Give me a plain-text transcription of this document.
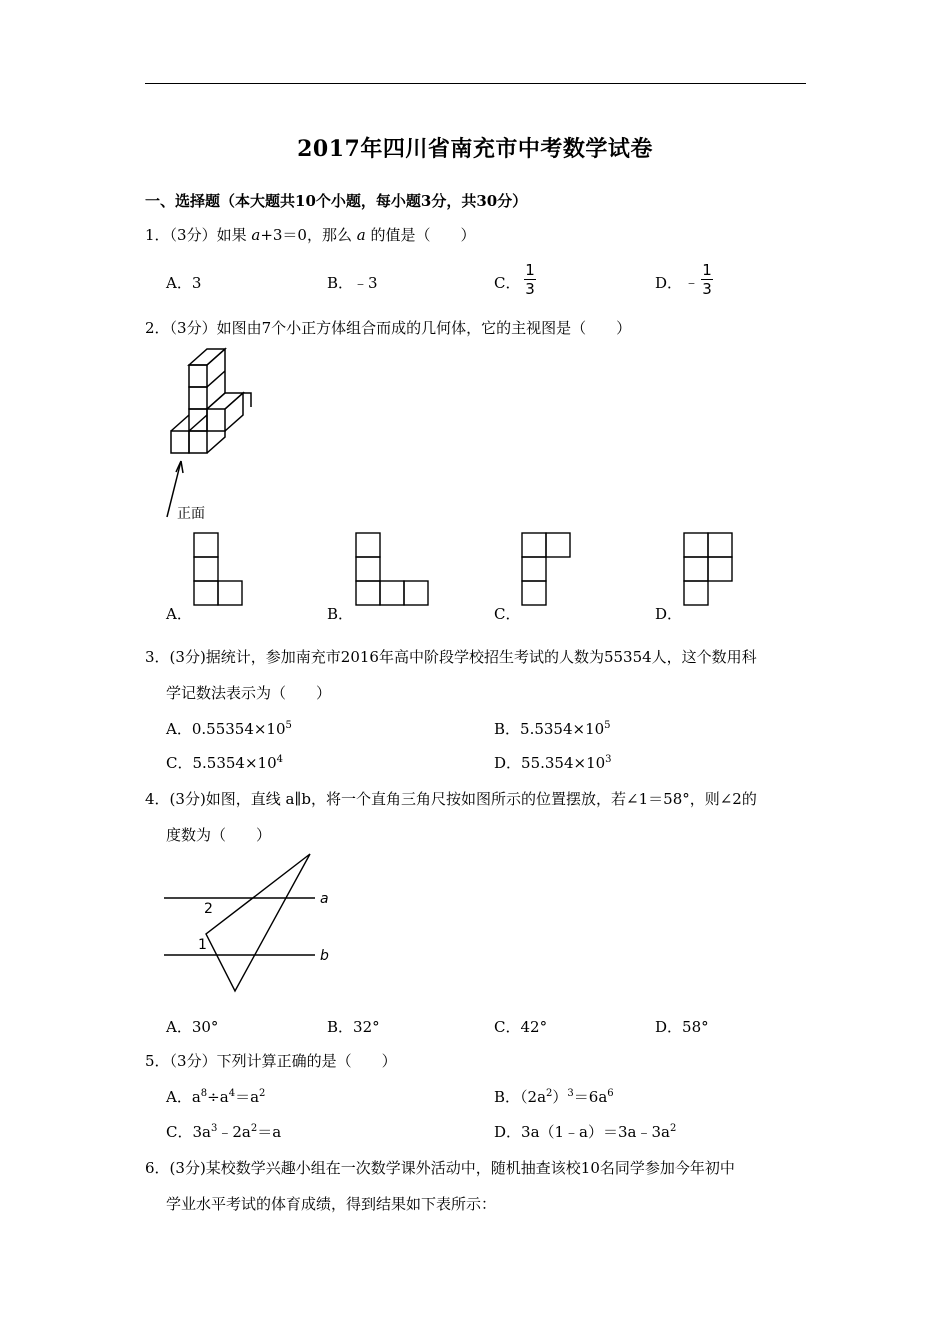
2017年四川省南充市中考数学试卷
一、选择题（本大题共10个小题，每小题3分，共30分）
1．（3分）如果 a+3＝0，那么 a 的值是（　　）
A．3	B．﹣3	C．
1
3	D． ﹣
1
3
2．（3分）如图由7个小正方体组合而成的几何体，它的主视图是（　　）
正面
A．	B．	C．	D．
3．(3分)据统计，参加南充市2016年高中阶段学校招生考试的人数为55354人，这个数用科
学记数法表示为（　　）
A．$0.55354\times 10^5$	B．$5.5354\times 10^5$
C．$5.5354\times 10^4$	D．$55.354\times 10^3$
4．(3分)如图，直线 a∥b，将一个直角三角尺按如图所示的位置摆放，若∠1＝58°，则∠2的
度数为（　　）
2
1
a
b
A．30°	B．32°	C．42°	D．58°
5．（3分）下列计算正确的是（　　）
A．$a^8\div a^4=a^2$	B．$(2a^2)^3=6a^6$
C．$3a^3﹣2a^2=a$	D．$3a(1﹣a)=3a﹣3a^2$
6．(3分)某校数学兴趣小组在一次数学课外活动中，随机抽查该校10名同学参加今年初中
学业水平考试的体育成绩，得到结果如下表所示：
